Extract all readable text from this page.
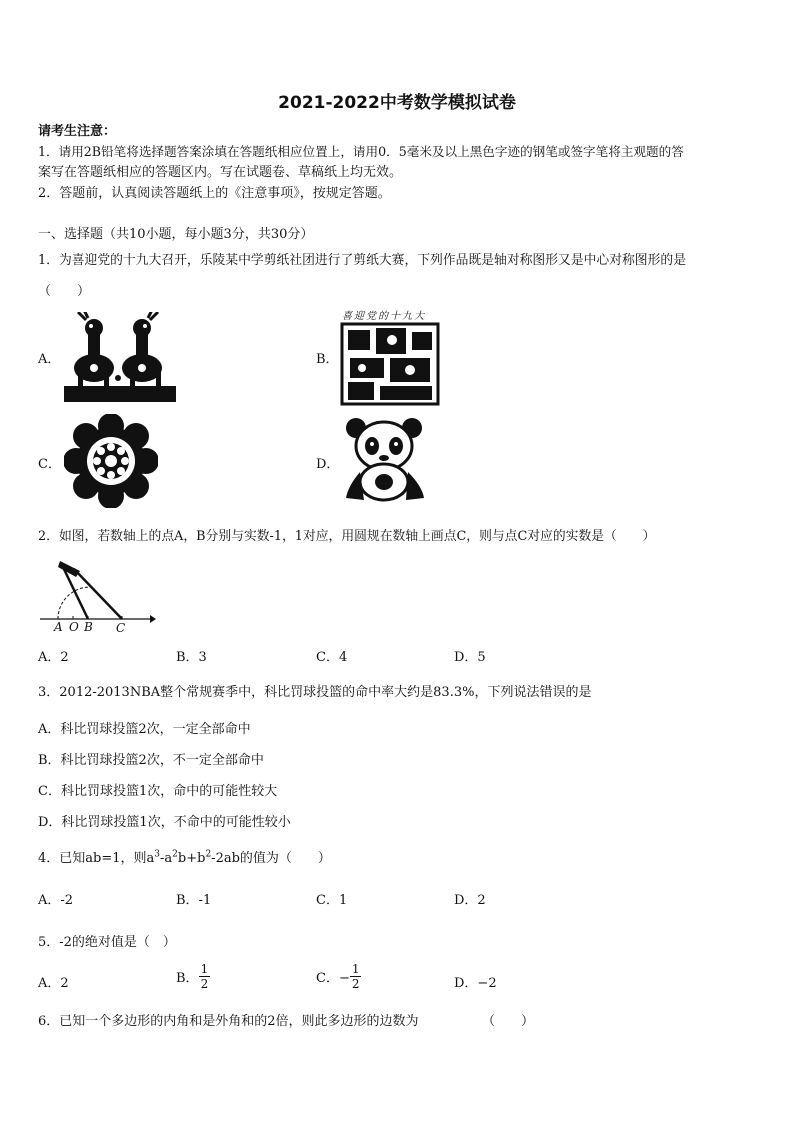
2021-2022中考数学模拟试卷
请考生注意：
1．请用2B铅笔将选择题答案涂填在答题纸相应位置上，请用0．5毫米及以上黑色字迹的钢笔或签字笔将主观题的答
案写在答题纸相应的答题区内。写在试题卷、草稿纸上均无效。
2．答题前，认真阅读答题纸上的《注意事项》，按规定答题。
一、选择题（共10小题，每小题3分，共30分）
1．为喜迎党的十九大召开，乐陵某中学剪纸社团进行了剪纸大赛，下列作品既是轴对称图形又是中心对称图形的是
（　　）
A．	B．
喜迎党的十九大
C．	D．
2．如图，若数轴上的点A，B分别与实数-1，1对应，用圆规在数轴上画点C，则与点C对应的实数是（　　）
A O B C
A．2	B．3	C．4	D．5
3．2012-2013NBA整个常规赛季中，科比罚球投篮的命中率大约是83.3%，下列说法错误的是
A．科比罚球投篮2次，一定全部命中
B．科比罚球投篮2次，不一定全部命中
C．科比罚球投篮1次，命中的可能性较大
D．科比罚球投篮1次，不命中的可能性较小
4．已知ab=1，则$a^3-a^2b+b^2-2ab$的值为（　　）
A．-2	B．-1	C．1	D．2
5．-2的绝对值是（　）
A．2	B． $\frac{1}{2}$	C．− $\frac{1}{2}$	D．−2
6．已知一个多边形的内角和是外角和的2倍，则此多边形的边数为	（　　）
